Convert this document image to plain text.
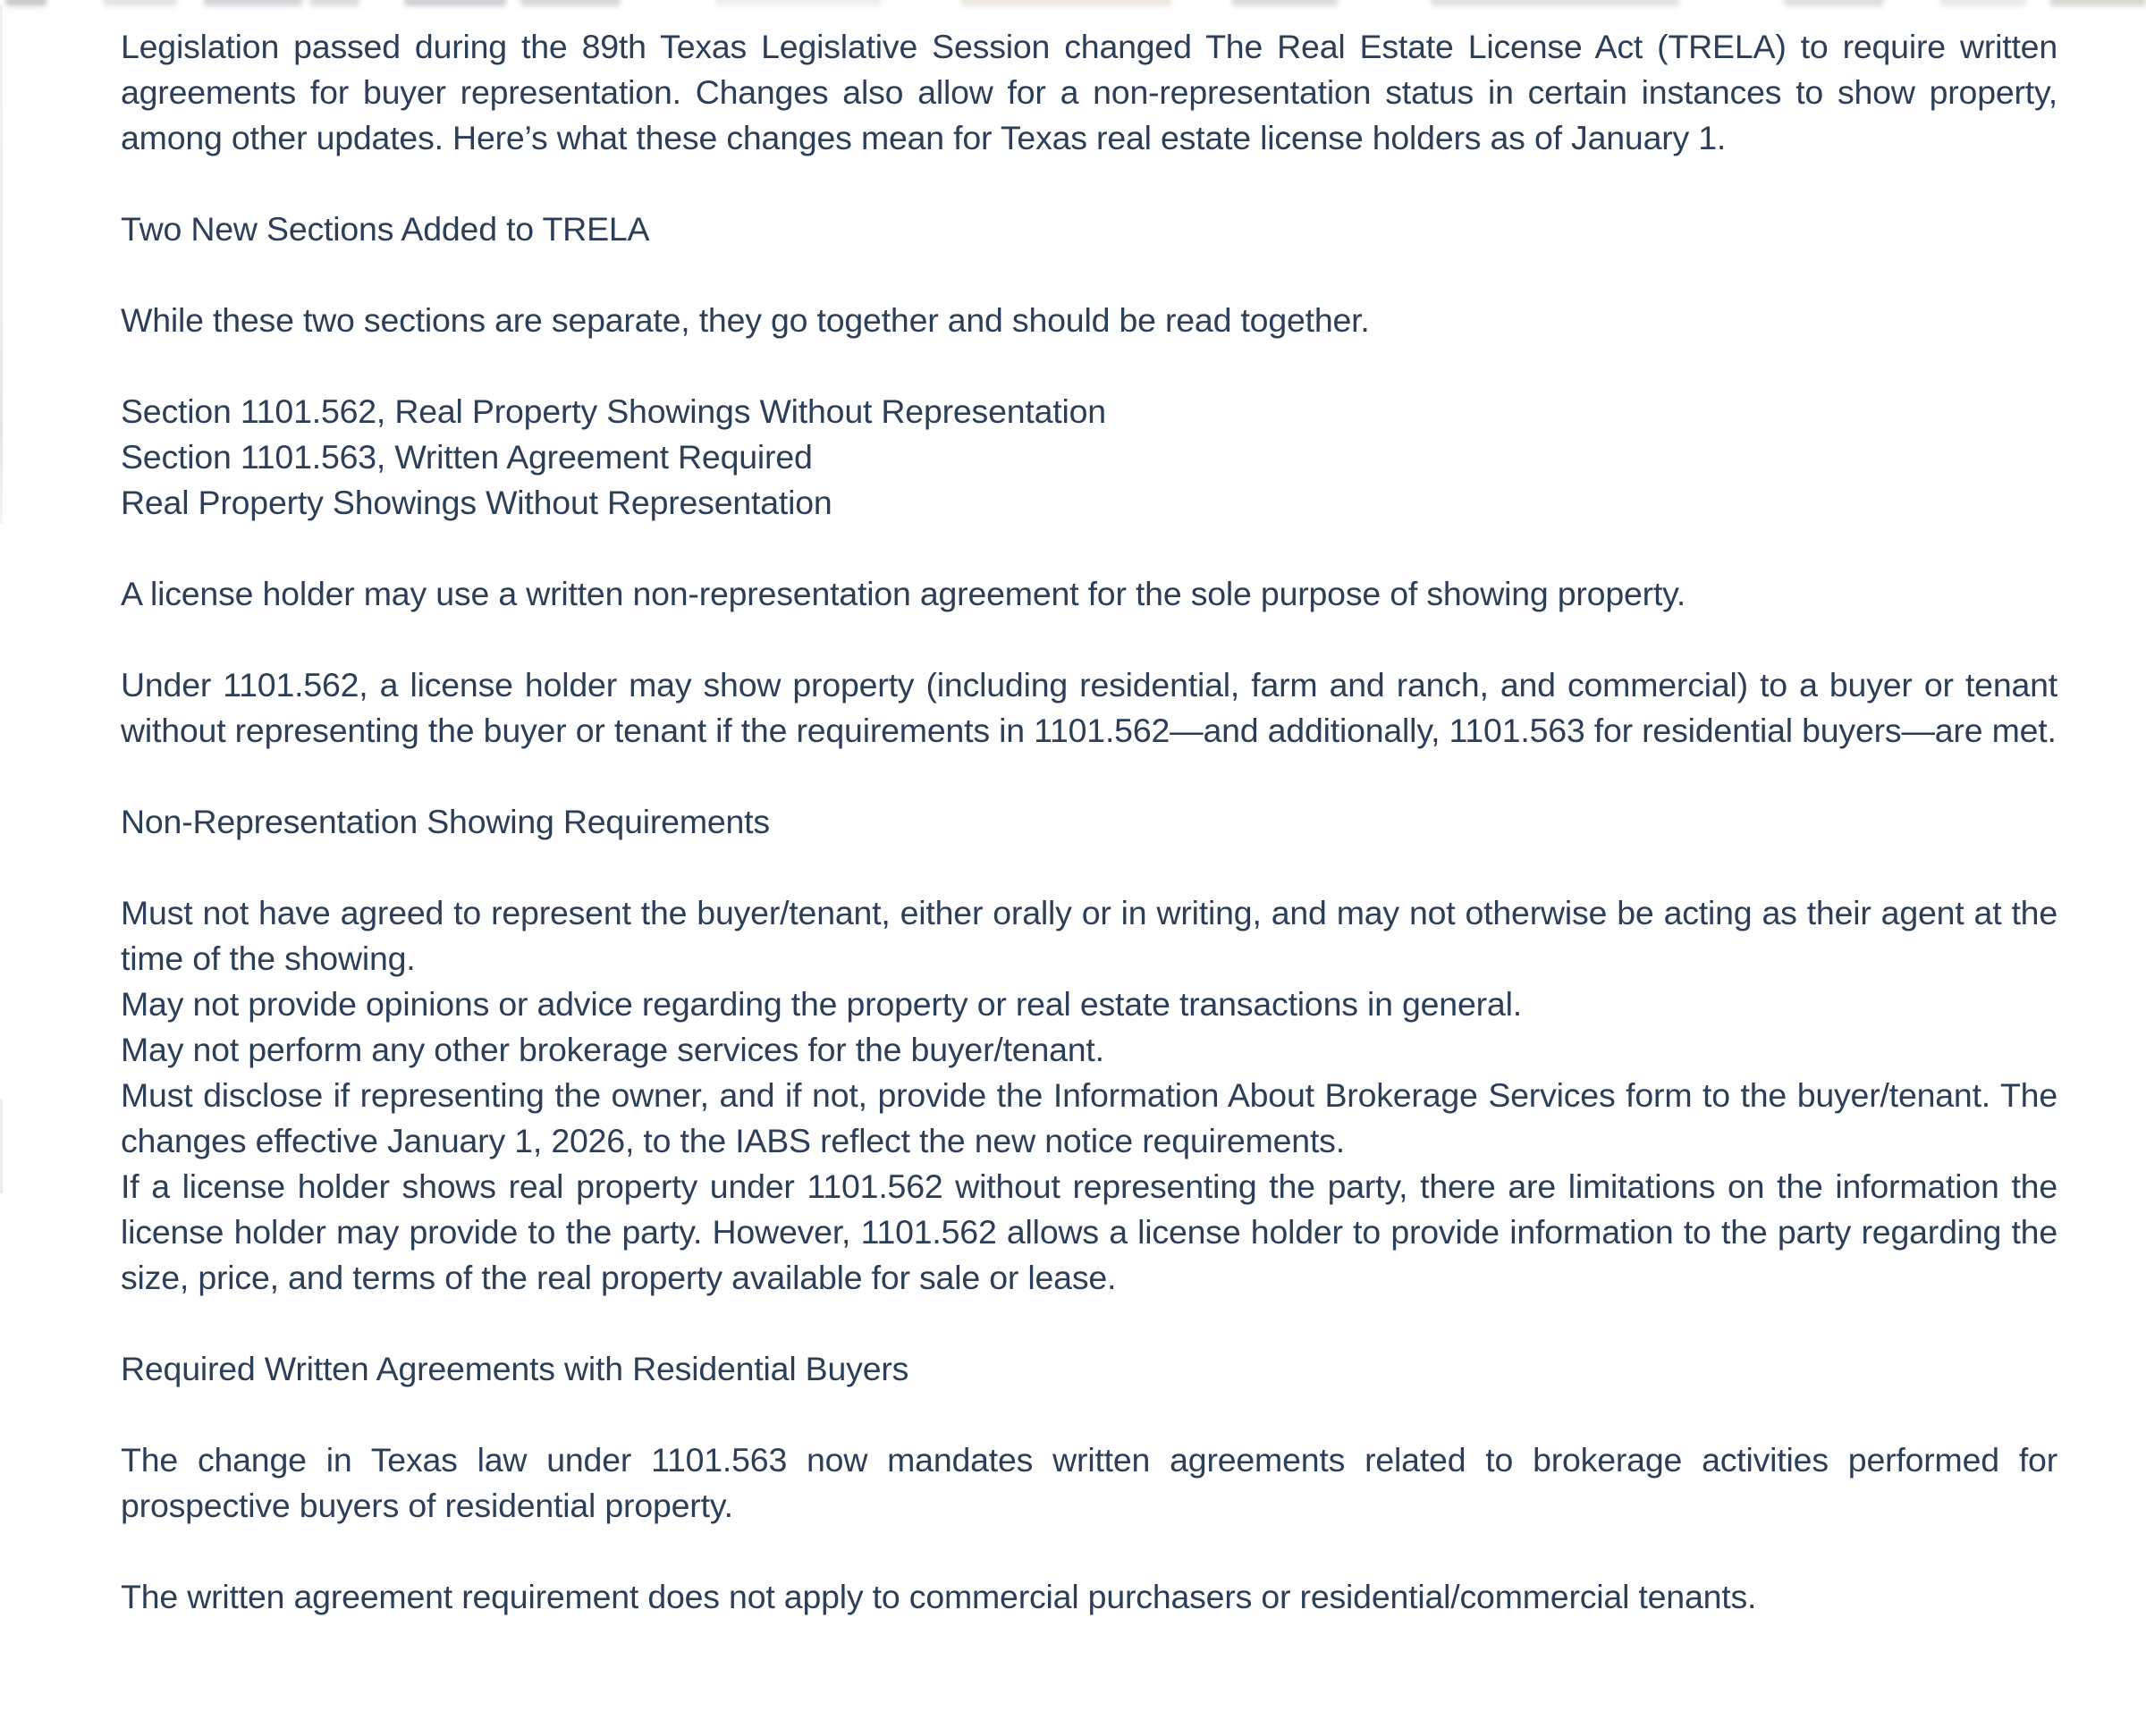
Legislation passed during the 89th Texas Legislative Session changed The Real Estate License Act (TRELA) to require written agreements for buyer representation. Changes also allow for a non-representation status in certain instances to show property, among other updates. Here’s what these changes mean for Texas real estate license holders as of January 1.

Two New Sections Added to TRELA

While these two sections are separate, they go together and should be read together.

Section 1101.562, Real Property Showings Without Representation

Section 1101.563, Written Agreement Required

Real Property Showings Without Representation

A license holder may use a written non-representation agreement for the sole purpose of showing property.

Under 1101.562, a license holder may show property (including residential, farm and ranch, and commercial) to a buyer or tenant without representing the buyer or tenant if the requirements in 1101.562—and additionally, 1101.563 for residential buyers—are met.

Non-Representation Showing Requirements

Must not have agreed to represent the buyer/tenant, either orally or in writing, and may not otherwise be acting as their agent at the time of the showing.

May not provide opinions or advice regarding the property or real estate transactions in general.

May not perform any other brokerage services for the buyer/tenant.

Must disclose if representing the owner, and if not, provide the Information About Brokerage Services form to the buyer/tenant. The changes effective January 1, 2026, to the IABS reflect the new notice requirements.

If a license holder shows real property under 1101.562 without representing the party, there are limitations on the information the license holder may provide to the party. However, 1101.562 allows a license holder to provide information to the party regarding the size, price, and terms of the real property available for sale or lease.

Required Written Agreements with Residential Buyers

The change in Texas law under 1101.563 now mandates written agreements related to brokerage activities performed for prospective buyers of residential property.

The written agreement requirement does not apply to commercial purchasers or residential/commercial tenants.
